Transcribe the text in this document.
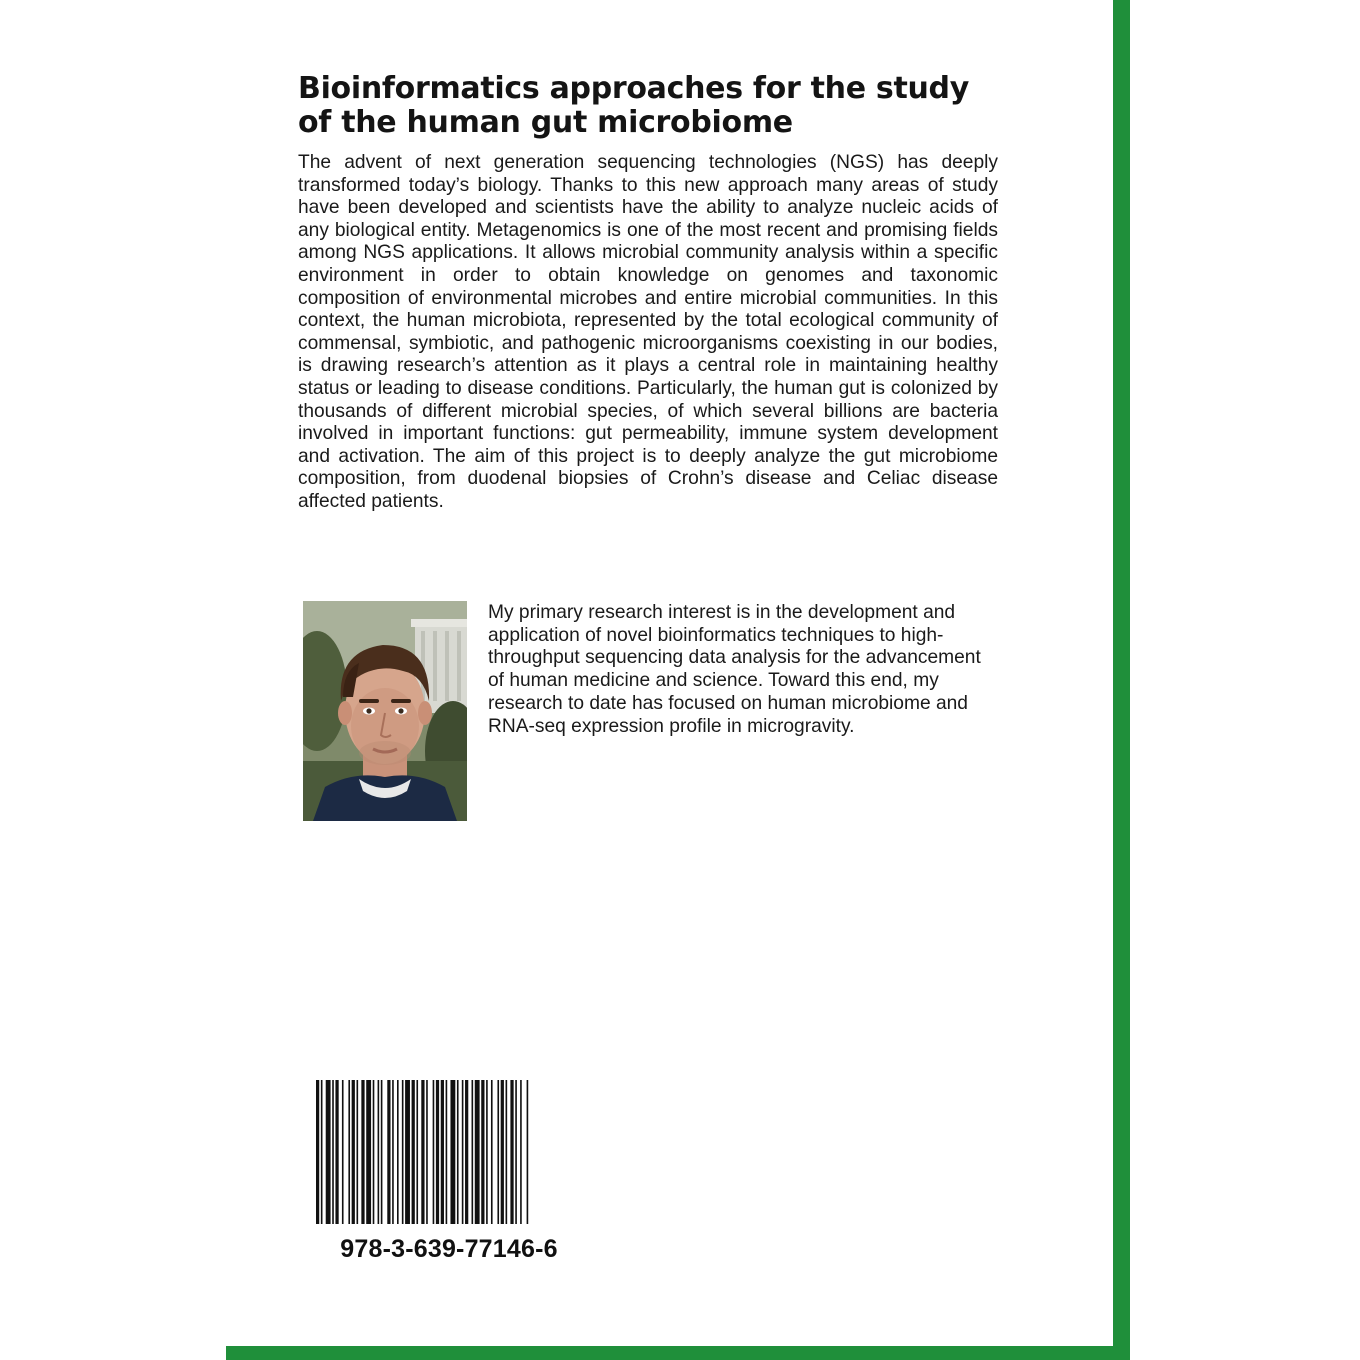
Bioinformatics approaches for the study of the human gut microbiome

The advent of next generation sequencing technologies (NGS) has deeply transformed today’s biology. Thanks to this new approach many areas of study have been developed and scientists have the ability to analyze nucleic acids of any biological entity. Metagenomics is one of the most recent and promising fields among NGS applications. It allows microbial community analysis within a specific environment in order to obtain knowledge on genomes and taxonomic composition of environmental microbes and entire microbial communities. In this context, the human microbiota, represented by the total ecological community of commensal, symbiotic, and pathogenic microorganisms coexisting in our bodies, is drawing research’s attention as it plays a central role in maintaining healthy status or leading to disease conditions. Particularly, the human gut is colonized by thousands of different microbial species, of which several billions are bacteria involved in important functions: gut permeability, immune system development and activation. The aim of this project is to deeply analyze the gut microbiome composition, from duodenal biopsies of Crohn’s disease and Celiac disease affected patients.

My primary research interest is in the development and application of novel bioinformatics techniques to high-throughput sequencing data analysis for the advancement of human medicine and science. Toward this end, my research to date has focused on human microbiome and RNA-seq expression profile in microgravity.

978-3-639-77146-6
